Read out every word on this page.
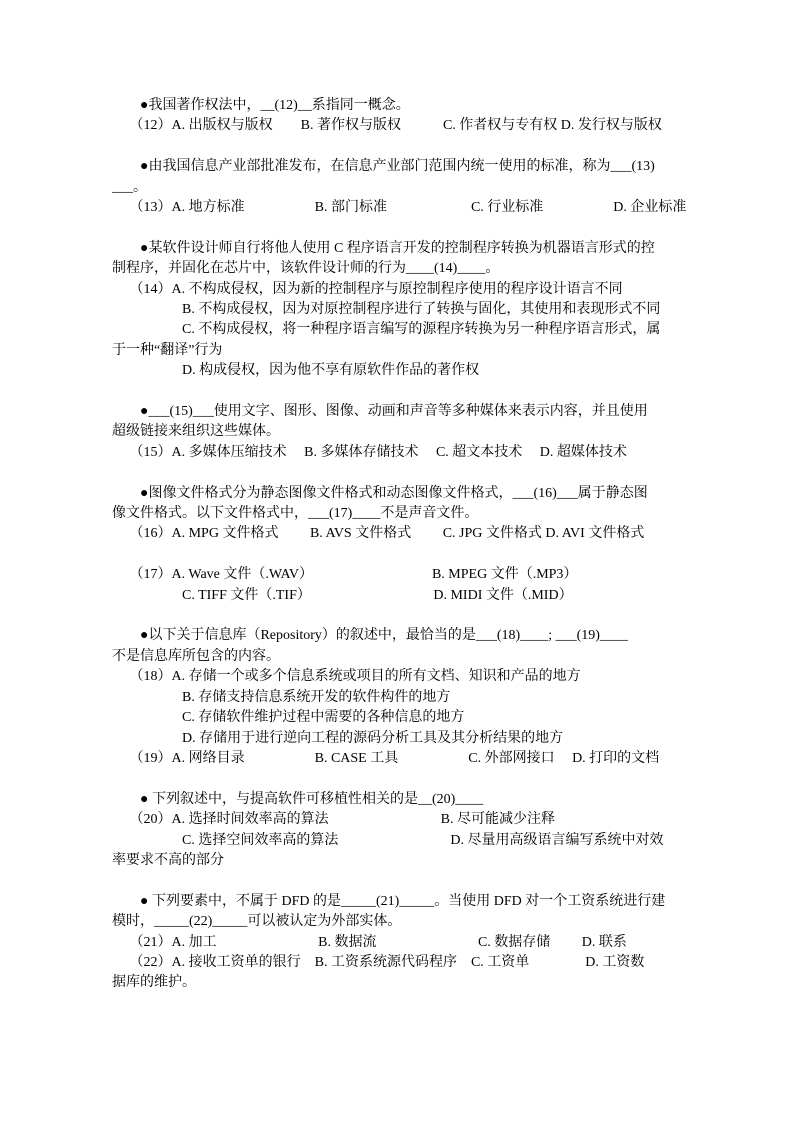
　　●我国著作权法中，__(12)__系指同一概念。
　 （12）A. 出版权与版权　　B. 著作权与版权　　　C. 作者权与专有权 D. 发行权与版权
　　●由我国信息产业部批准发布，在信息产业部门范围内统一使用的标准，称为___(13)
___。
　 （13）A. 地方标准　　　　　B. 部门标准　　　　　　C. 行业标准　　　　　D. 企业标准
　　●某软件设计师自行将他人使用 C 程序语言开发的控制程序转换为机器语言形式的控
制程序，并固化在芯片中，该软件设计师的行为____(14)____。
　 （14）A. 不构成侵权，因为新的控制程序与原控制程序使用的程序设计语言不同
　　　　　B. 不构成侵权，因为对原控制程序进行了转换与固化，其使用和表现形式不同
　　　　　C. 不构成侵权，将一种程序语言编写的源程序转换为另一种程序语言形式，属
于一种“翻译”行为
　　　　　D. 构成侵权，因为他不享有原软件作品的著作权
　　●___(15)___使用文字、图形、图像、动画和声音等多种媒体来表示内容，并且使用
超级链接来组织这些媒体。
　 （15）A. 多媒体压缩技术　 B. 多媒体存储技术　 C. 超文本技术　 D. 超媒体技术
　　●图像文件格式分为静态图像文件格式和动态图像文件格式，___(16)___属于静态图
像文件格式。以下文件格式中，___(17)____不是声音文件。
　 （16）A. MPG 文件格式　　 B. AVS 文件格式　　 C. JPG 文件格式 D. AVI 文件格式
　 （17）A. Wave 文件（.WAV）　　　　　　　　　B. MPEG 文件（.MP3）
　　　　　C. TIFF 文件（.TIF）　　　　　　　　　 D. MIDI 文件（.MID）
　　●以下关于信息库（Repository）的叙述中，最恰当的是___(18)____; ___(19)____
不是信息库所包含的内容。
　 （18）A. 存储一个或多个信息系统或项目的所有文档、知识和产品的地方
　　　　　B. 存储支持信息系统开发的软件构件的地方
　　　　　C. 存储软件维护过程中需要的各种信息的地方
　　　　　D. 存储用于进行逆向工程的源码分析工具及其分析结果的地方
　 （19）A. 网络目录　　　　　B. CASE 工具　　　　　C. 外部网接口　 D. 打印的文档
　　● 下列叙述中，与提高软件可移植性相关的是__(20)____
　 （20）A. 选择时间效率高的算法　　　　　　　　B. 尽可能减少注释
　　　　　C. 选择空间效率高的算法　　　　　　　　D. 尽量用高级语言编写系统中对效
率要求不高的部分
　　● 下列要素中，不属于 DFD 的是_____(21)_____。当使用 DFD 对一个工资系统进行建
模时，_____(22)_____可以被认定为外部实体。
　 （21）A. 加工　　　　　　　 B. 数据流　　　　　　　 C. 数据存储　　 D. 联系
　 （22）A. 接收工资单的银行　B. 工资系统源代码程序　C. 工资单　　　　D. 工资数
据库的维护。
